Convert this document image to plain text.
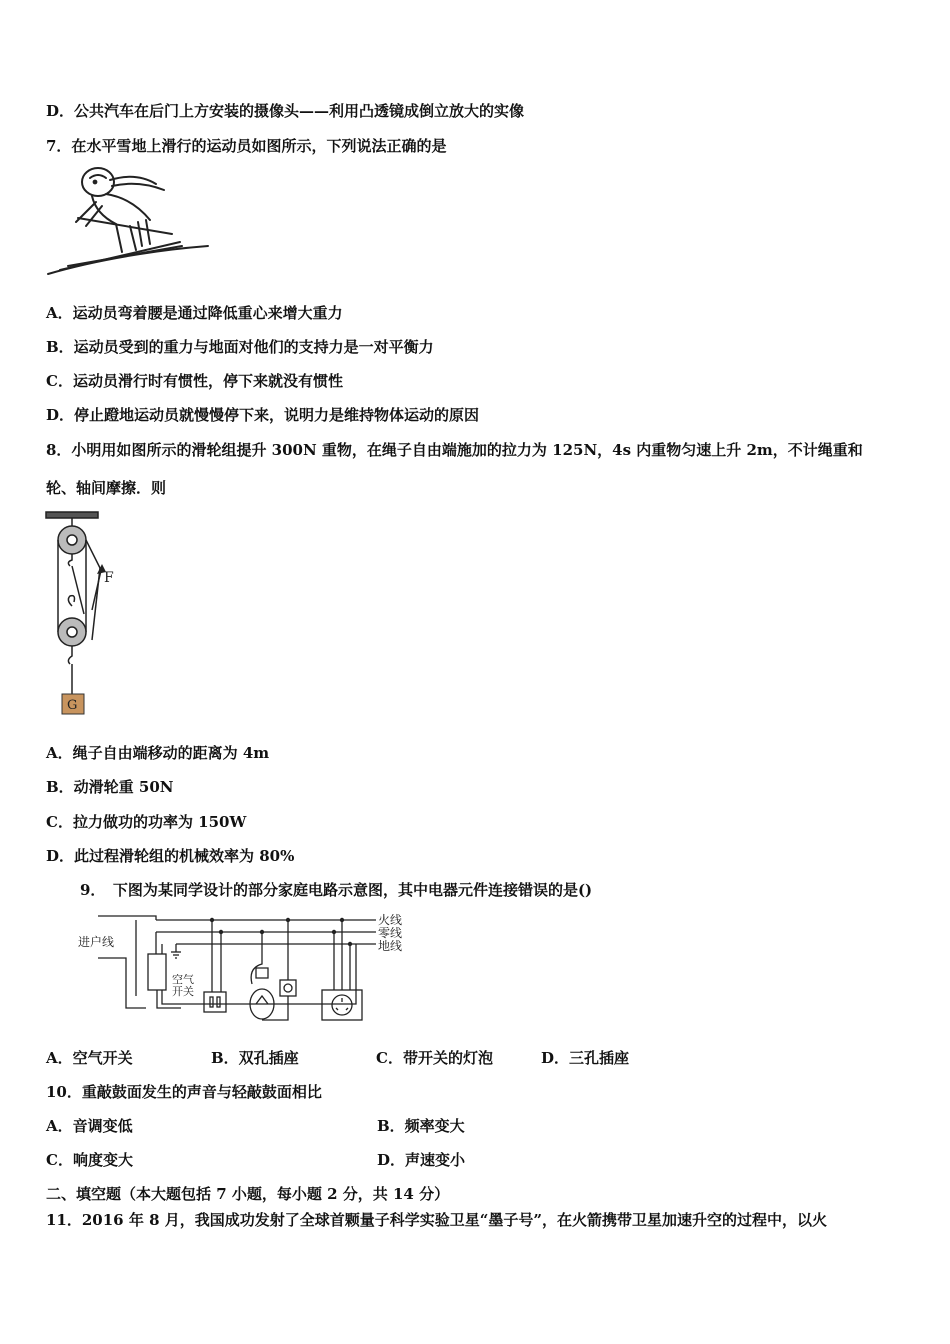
D．公共汽车在后门上方安装的摄像头——利用凸透镜成倒立放大的实像
7．在水平雪地上滑行的运动员如图所示，下列说法正确的是
A．运动员弯着腰是通过降低重心来增大重力
B．运动员受到的重力与地面对他们的支持力是一对平衡力
C．运动员滑行时有惯性，停下来就没有惯性
D．停止蹬地运动员就慢慢停下来，说明力是维持物体运动的原因
8．小明用如图所示的滑轮组提升 300N 重物，在绳子自由端施加的拉力为 125N，4s 内重物匀速上升 2m，不计绳重和
轮、轴间摩擦．则
F
G
A．绳子自由端移动的距离为 4m
B．动滑轮重 50N
C．拉力做功的功率为 150W
D．此过程滑轮组的机械效率为 80%
9．　下图为某同学设计的部分家庭电路示意图，其中电器元件连接错误的是()
火线
零线
地线
进户线
空气开关
A．空气开关	B．双孔插座	C．带开关的灯泡	D．三孔插座
10．重敲鼓面发生的声音与轻敲鼓面相比
A．音调变低	B．频率变大
C．响度变大	D．声速变小
二、填空题（本大题包括 7 小题，每小题 2 分，共 14 分）
11．2016 年 8 月，我国成功发射了全球首颗量子科学实验卫星“墨子号”，在火箭携带卫星加速升空的过程中，以火
